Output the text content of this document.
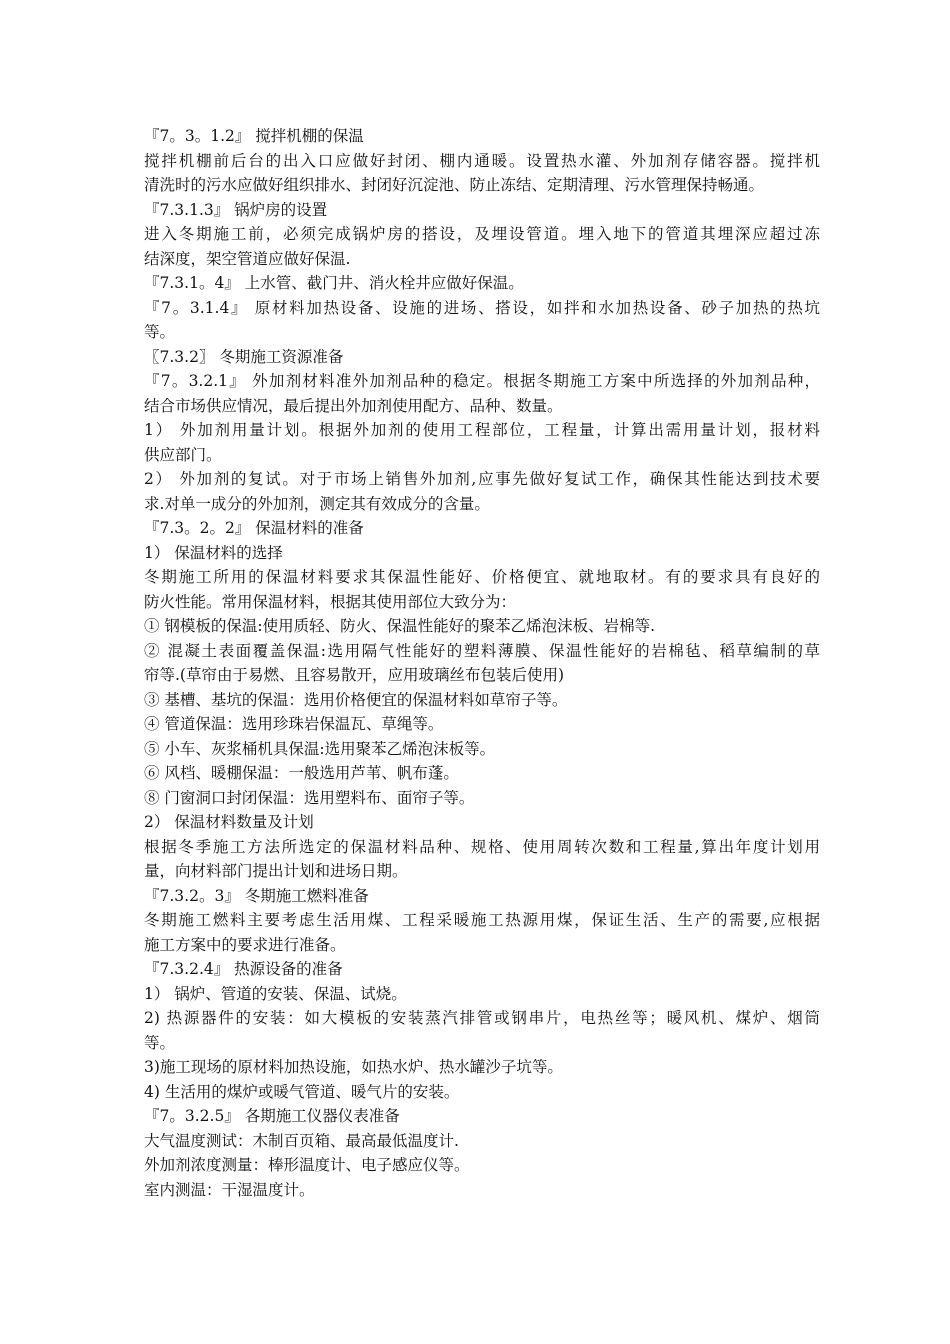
『7。3。1.2』 搅拌机棚的保温
搅拌机棚前后台的出入口应做好封闭、棚内通暖。设置热水灌、外加剂存储容器。搅拌机
清洗时的污水应做好组织排水、封闭好沉淀池、防止冻结、定期清理、污水管理保持畅通。
『7.3.1.3』 锅炉房的设置
进入冬期施工前，必须完成锅炉房的搭设，及埋设管道。埋入地下的管道其埋深应超过冻
结深度，架空管道应做好保温.
『7.3.1。4』 上水管、截门井、消火栓井应做好保温。
『7。3.1.4』 原材料加热设备、设施的进场、搭设，如拌和水加热设备、砂子加热的热坑
等。
〖7.3.2〗 冬期施工资源准备
『7。3.2.1』 外加剂材料准外加剂品种的稳定。根据冬期施工方案中所选择的外加剂品种，
结合市场供应情况，最后提出外加剂使用配方、品种、数量。
1） 外加剂用量计划。根据外加剂的使用工程部位，工程量，计算出需用量计划，报材料
供应部门。
2） 外加剂的复试。对于市场上销售外加剂,应事先做好复试工作，确保其性能达到技术要
求.对单一成分的外加剂，测定其有效成分的含量。
『7.3。2。2』 保温材料的准备
1） 保温材料的选择
冬期施工所用的保温材料要求其保温性能好、价格便宜、就地取材。有的要求具有良好的
防火性能。常用保温材料，根据其使用部位大致分为：
① 钢模板的保温:使用质轻、防火、保温性能好的聚苯乙烯泡沫板、岩棉等.
② 混凝土表面覆盖保温:选用隔气性能好的塑料薄膜、保温性能好的岩棉毡、稻草编制的草
帘等.(草帘由于易燃、且容易散开，应用玻璃丝布包装后使用)
③ 基槽、基坑的保温：选用价格便宜的保温材料如草帘子等。
④ 管道保温：选用珍珠岩保温瓦、草绳等。
⑤ 小车、灰浆桶机具保温:选用聚苯乙烯泡沫板等。
⑥ 风档、暖棚保温：一般选用芦苇、帆布蓬。
⑧ 门窗洞口封闭保温：选用塑料布、面帘子等。
2） 保温材料数量及计划
根据冬季施工方法所选定的保温材料品种、规格、使用周转次数和工程量,算出年度计划用
量，向材料部门提出计划和进场日期。
『7.3.2。3』 冬期施工燃料准备
冬期施工燃料主要考虑生活用煤、工程采暖施工热源用煤，保证生活、生产的需要,应根据
施工方案中的要求进行准备。
『7.3.2.4』 热源设备的准备
1） 锅炉、管道的安装、保温、试烧。
2) 热源器件的安装：如大模板的安装蒸汽排管或钢串片，电热丝等；暖风机、煤炉、烟筒
等。
3)施工现场的原材料加热设施，如热水炉、热水罐沙子坑等。
4) 生活用的煤炉或暖气管道、暖气片的安装。
『7。3.2.5』 各期施工仪器仪表准备
大气温度测试：木制百页箱、最高最低温度计.
外加剂浓度测量：棒形温度计、电子感应仪等。
室内测温：干湿温度计。
